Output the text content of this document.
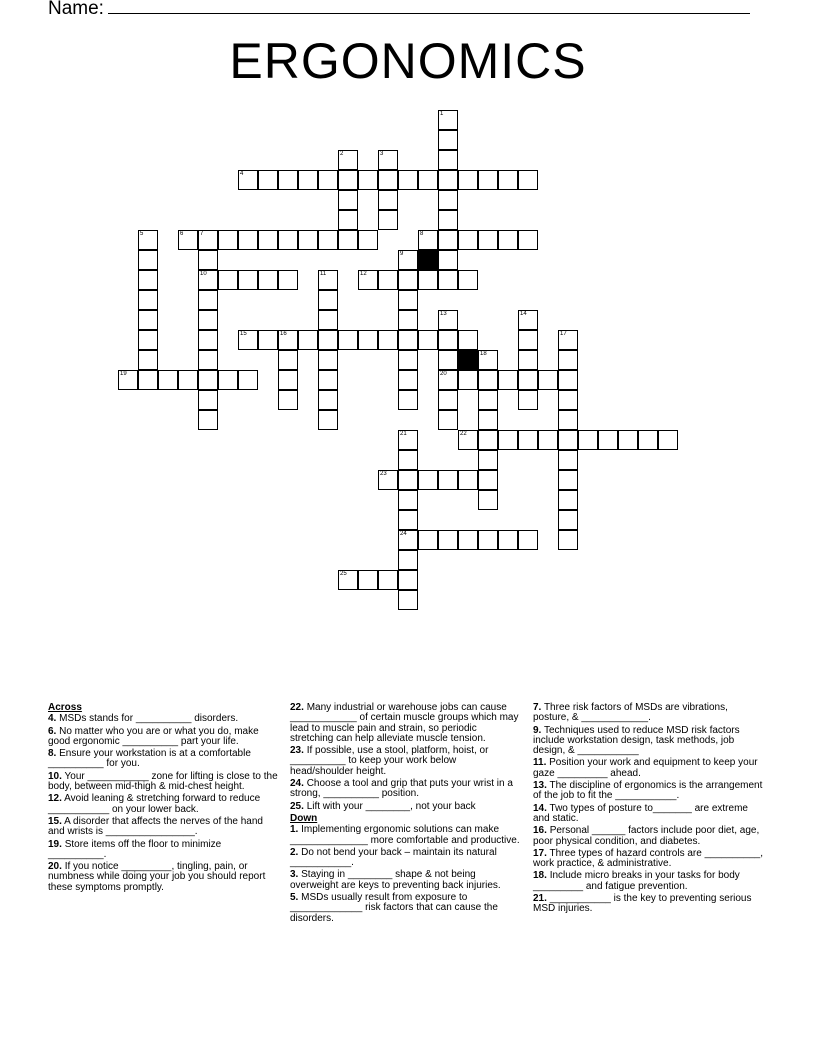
Name:
ERGONOMICS
1
2	3
4
5	6	7	8
9
10	11	12
13	14
15	16	17
18
19	20
21	22
23
24
25
Across
4. MSDs stands for __________ disorders.
6. No matter who you are or what you do, make good ergonomic __________ part your life.
8. Ensure your workstation is at a comfortable __________ for you.
10. Your ___________ zone for lifting is close to the body, between mid-thigh & mid-chest height.
12. Avoid leaning & stretching forward to reduce ___________ on your lower back.
15. A disorder that affects the nerves of the hand and wrists is ________________.
19. Store items off the floor to minimize __________.
20. If you notice _________, tingling, pain, or numbness while doing your job you should report these symptoms promptly.
22. Many industrial or warehouse jobs can cause ____________ of certain muscle groups which may lead to muscle pain and strain, so periodic stretching can help alleviate muscle tension.
23. If possible, use a stool, platform, hoist, or __________ to keep your work below head/shoulder height.
24. Choose a tool and grip that puts your wrist in a strong, __________ position.
25. Lift with your ________, not your back
Down
1. Implementing ergonomic solutions can make ______________ more comfortable and productive.
2. Do not bend your back – maintain its natural ___________.
3. Staying in ________ shape & not being overweight are keys to preventing back injuries.
5. MSDs usually result from exposure to _____________ risk factors that can cause the disorders.
7. Three risk factors of MSDs are vibrations, posture, & ____________.
9. Techniques used to reduce MSD risk factors include workstation design, task methods, job design, & ___________
11. Position your work and equipment to keep your gaze _________ ahead.
13. The discipline of ergonomics is the arrangement of the job to fit the ___________.
14. Two types of posture to_______ are extreme and static.
16. Personal ______ factors include poor diet, age, poor physical condition, and diabetes.
17. Three types of hazard controls are __________, work practice, & administrative.
18. Include micro breaks in your tasks for body _________ and fatigue prevention.
21. ___________ is the key to preventing serious MSD injuries.
